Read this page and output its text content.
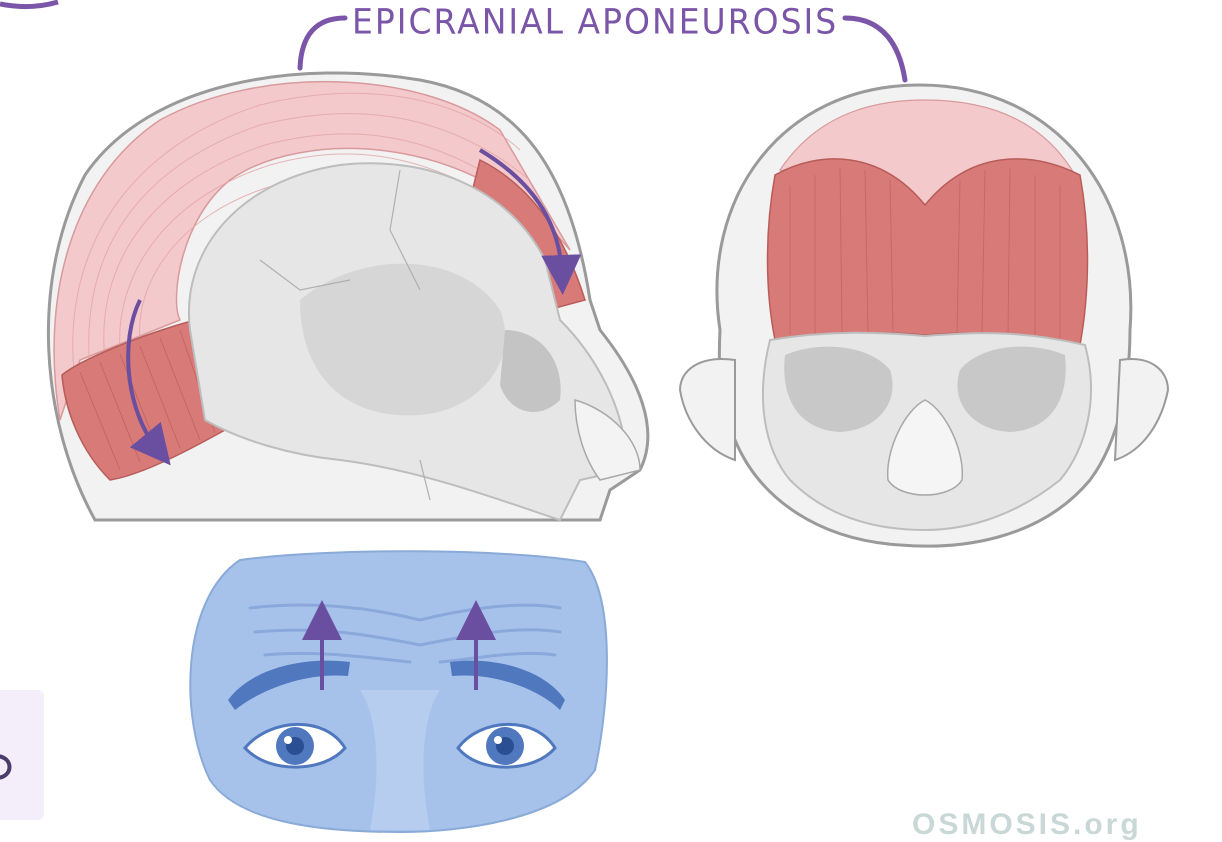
EPICRANIAL APONEUROSIS
OSMOSIS.org
